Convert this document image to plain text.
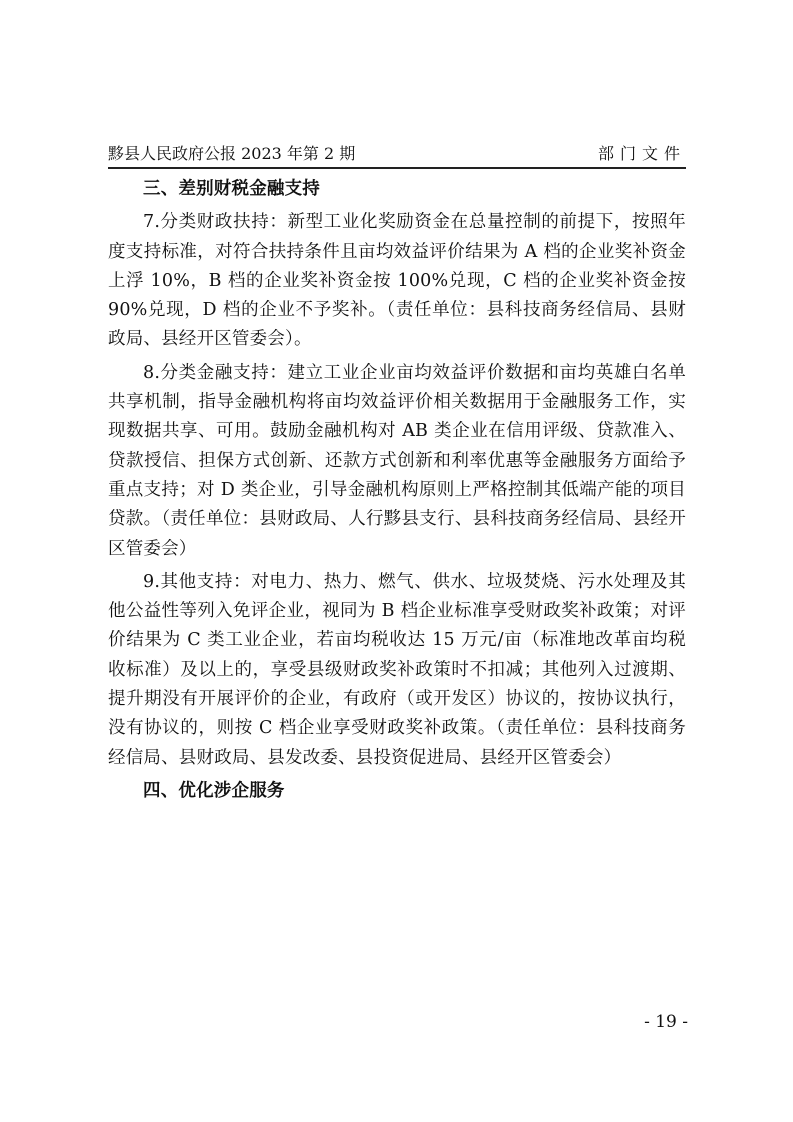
黟县人民政府公报 2023 年第 2 期	部门文件

三、差别财税金融支持

7.分类财政扶持：新型工业化奖励资金在总量控制的前提下，按照年度支持标准，对符合扶持条件且亩均效益评价结果为 A 档的企业奖补资金上浮 10%，B 档的企业奖补资金按 100%兑现，C 档的企业奖补资金按 90%兑现，D 档的企业不予奖补。（责任单位：县科技商务经信局、县财政局、县经开区管委会）。

8.分类金融支持：建立工业企业亩均效益评价数据和亩均英雄白名单共享机制，指导金融机构将亩均效益评价相关数据用于金融服务工作，实现数据共享、可用。鼓励金融机构对 AB 类企业在信用评级、贷款准入、贷款授信、担保方式创新、还款方式创新和利率优惠等金融服务方面给予重点支持；对 D 类企业，引导金融机构原则上严格控制其低端产能的项目贷款。（责任单位：县财政局、人行黟县支行、县科技商务经信局、县经开区管委会）

9.其他支持：对电力、热力、燃气、供水、垃圾焚烧、污水处理及其他公益性等列入免评企业，视同为 B 档企业标准享受财政奖补政策；对评价结果为 C 类工业企业，若亩均税收达 15 万元/亩（标准地改革亩均税收标准）及以上的，享受县级财政奖补政策时不扣减；其他列入过渡期、提升期没有开展评价的企业，有政府（或开发区）协议的，按协议执行，没有协议的，则按 C 档企业享受财政奖补政策。（责任单位：县科技商务经信局、县财政局、县发改委、县投资促进局、县经开区管委会）

四、优化涉企服务

- 19 -
